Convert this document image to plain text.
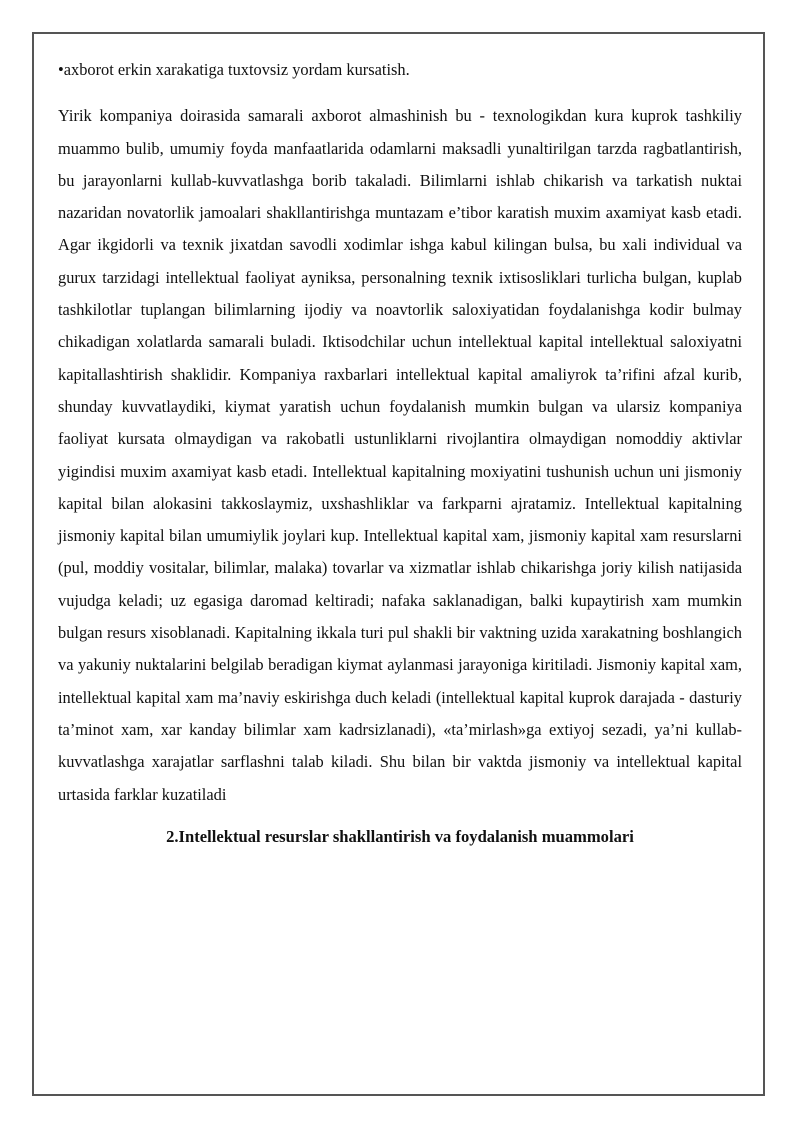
•axborot erkin xarakatiga tuxtovsiz yordam kursatish.

Yirik kompaniya doirasida samarali axborot almashinish bu - texnologikdan kura kuprok tashkiliy muammo bulib, umumiy foyda manfaatlarida odamlarni maksadli yunaltirilgan tarzda ragbatlantirish, bu jarayonlarni kullab-kuvvatlashga borib takaladi. Bilimlarni ishlab chikarish va tarkatish nuktai nazaridan novatorlik jamoalari shakllantirishga muntazam e’tibor karatish muxim axamiyat kasb etadi. Agar ikgidorli va texnik jixatdan savodli xodimlar ishga kabul kilingan bulsa, bu xali individual va gurux tarzidagi intellektual faoliyat ayniksa, personalning texnik ixtisosliklari turlicha bulgan, kuplab tashkilotlar tuplangan bilimlarning ijodiy va noavtorlik saloxiyatidan foydalanishga kodir bulmay chikadigan xolatlarda samarali buladi. Iktisodchilar uchun intellektual kapital intellektual saloxiyatni kapitallashtirish shaklidir. Kompaniya raxbarlari intellektual kapital amaliyrok ta’rifini afzal kurib, shunday kuvvatlaydiki, kiymat yaratish uchun foydalanish mumkin bulgan va ularsiz kompaniya faoliyat kursata olmaydigan va rakobatli ustunliklarni rivojlantira olmaydigan nomoddiy aktivlar yigindisi muxim axamiyat kasb etadi. Intellektual kapitalning moxiyatini tushunish uchun uni jismoniy kapital bilan alokasini takkoslaymiz, uxshashliklar va farkparni ajratamiz. Intellektual kapitalning jismoniy kapital bilan umumiylik joylari kup. Intellektual kapital xam, jismoniy kapital xam resurslarni (pul, moddiy vositalar, bilimlar, malaka) tovarlar va xizmatlar ishlab chikarishga joriy kilish natijasida vujudga keladi; uz egasiga daromad keltiradi; nafaka saklanadigan, balki kupaytirish xam mumkin bulgan resurs xisoblanadi. Kapitalning ikkala turi pul shakli bir vaktning uzida xarakatning boshlangich va yakuniy nuktalarini belgilab beradigan kiymat aylanmasi jarayoniga kiritiladi. Jismoniy kapital xam, intellektual kapital xam ma’naviy eskirishga duch keladi (intellektual kapital kuprok darajada - dasturiy ta’minot xam, xar kanday bilimlar xam kadrsizlanadi), «ta’mirlash»ga extiyoj sezadi, ya’ni kullab-kuvvatlashga xarajatlar sarflashni talab kiladi. Shu bilan bir vaktda jismoniy va intellektual kapital urtasida farklar kuzatiladi

2.Intellektual resurslar shakllantirish va foydalanish muammolari
